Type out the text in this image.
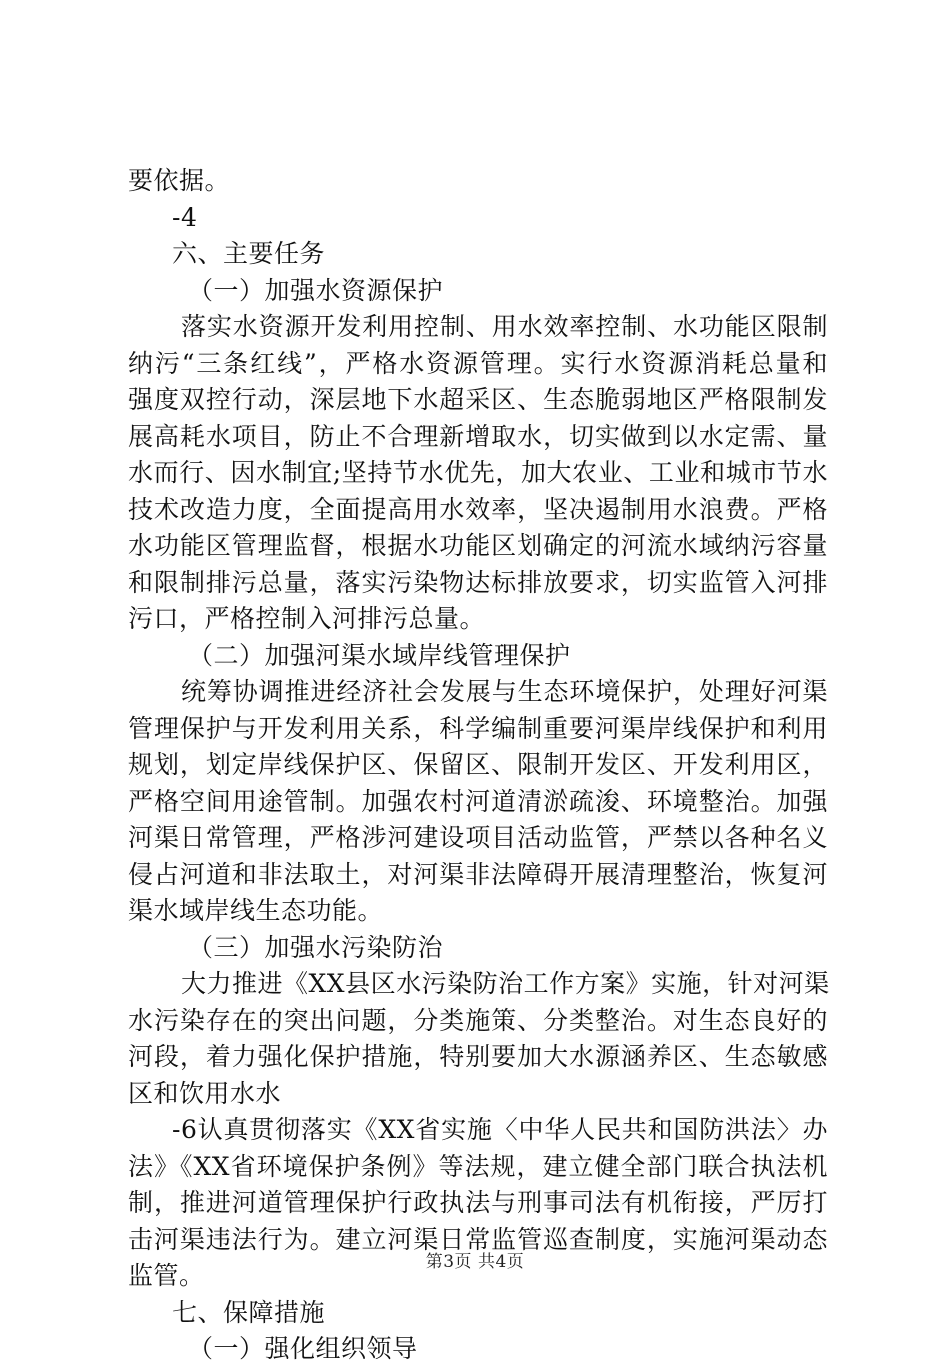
要依据。
-4
六、主要任务
（一）加强水资源保护
落实水资源开发利用控制、用水效率控制、水功能区限制
纳污“三条红线”，严格水资源管理。实行水资源消耗总量和
强度双控行动，深层地下水超采区、生态脆弱地区严格限制发
展高耗水项目，防止不合理新增取水，切实做到以水定需、量
水而行、因水制宜;坚持节水优先，加大农业、工业和城市节水
技术改造力度，全面提高用水效率，坚决遏制用水浪费。严格
水功能区管理监督，根据水功能区划确定的河流水域纳污容量
和限制排污总量，落实污染物达标排放要求，切实监管入河排
污口，严格控制入河排污总量。
（二）加强河渠水域岸线管理保护
统筹协调推进经济社会发展与生态环境保护，处理好河渠
管理保护与开发利用关系，科学编制重要河渠岸线保护和利用
规划，划定岸线保护区、保留区、限制开发区、开发利用区，
严格空间用途管制。加强农村河道清淤疏浚、环境整治。加强
河渠日常管理，严格涉河建设项目活动监管，严禁以各种名义
侵占河道和非法取土，对河渠非法障碍开展清理整治，恢复河
渠水域岸线生态功能。
（三）加强水污染防治
大力推进《XX县区水污染防治工作方案》实施，针对河渠
水污染存在的突出问题，分类施策、分类整治。对生态良好的
河段，着力强化保护措施，特别要加大水源涵养区、生态敏感
区和饮用水水
-6认真贯彻落实《XX省实施〈中华人民共和国防洪法〉办
法》《XX省环境保护条例》等法规，建立健全部门联合执法机
制，推进河道管理保护行政执法与刑事司法有机衔接，严厉打
击河渠违法行为。建立河渠日常监管巡查制度，实施河渠动态
监管。
七、保障措施
（一）强化组织领导
第3页 共4页
